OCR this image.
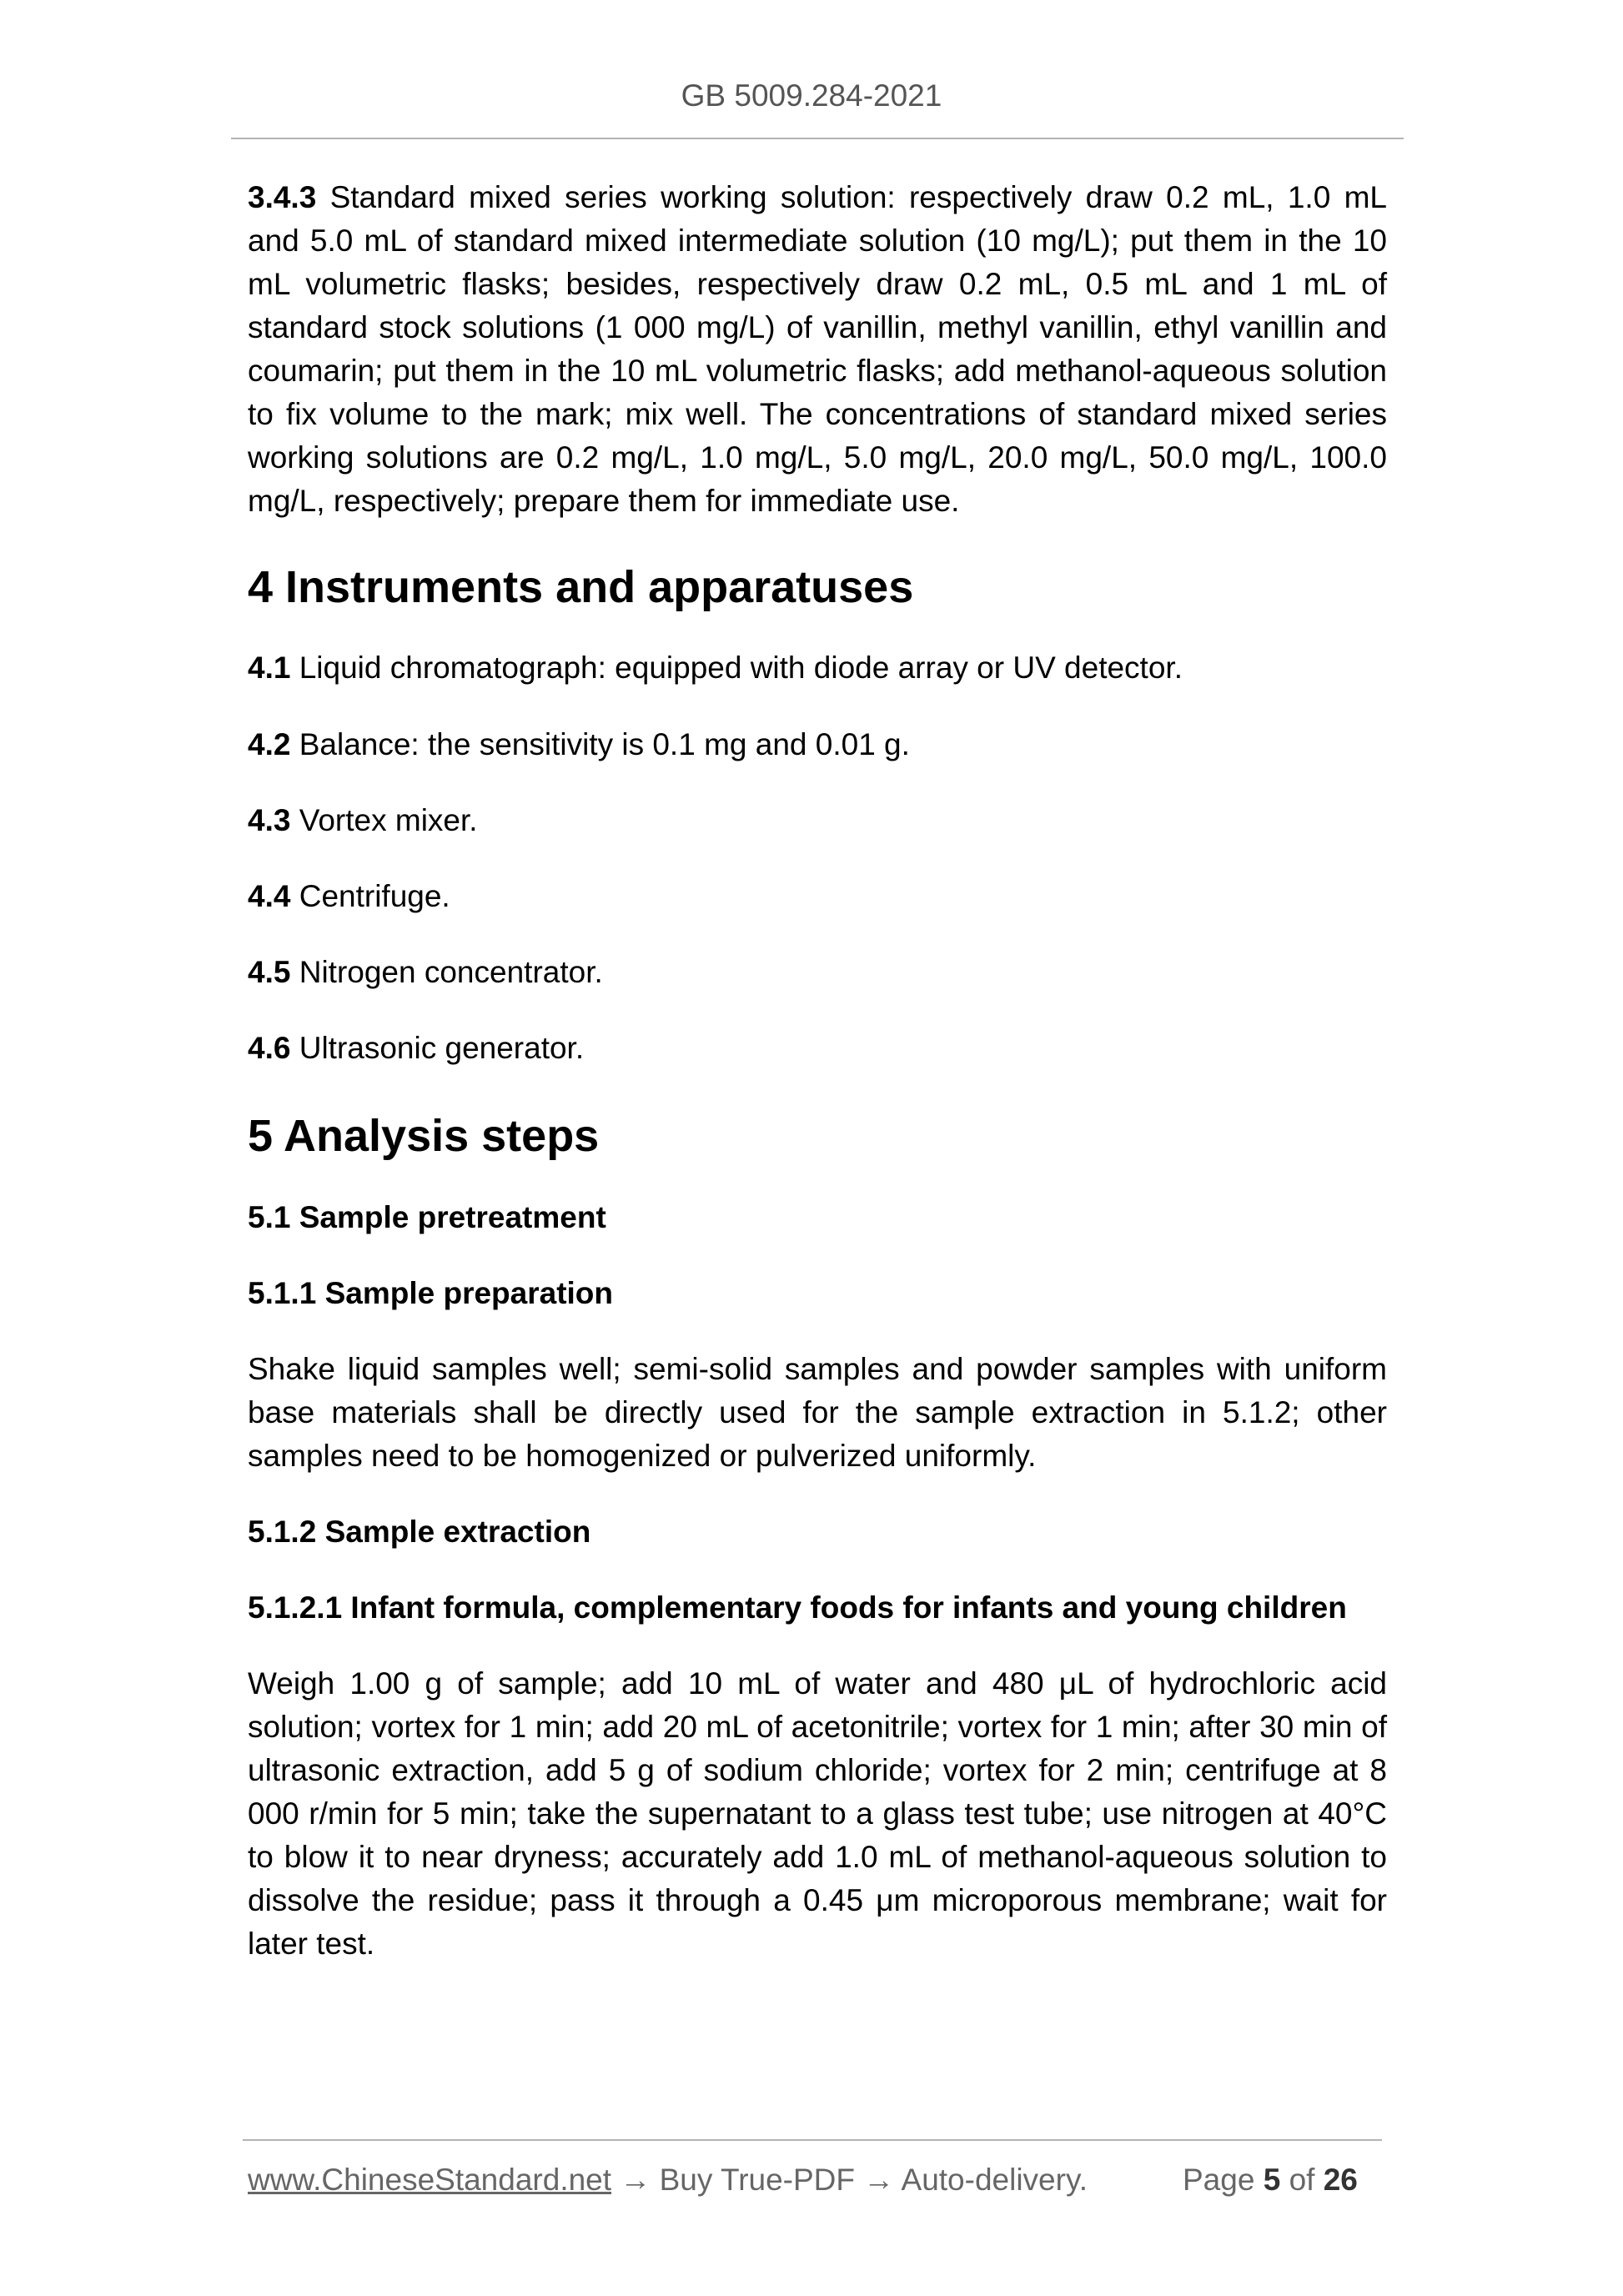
GB 5009.284-2021

3.4.3 Standard mixed series working solution: respectively draw 0.2 mL, 1.0 mL and 5.0 mL of standard mixed intermediate solution (10 mg/L); put them in the 10 mL volumetric flasks; besides, respectively draw 0.2 mL, 0.5 mL and 1 mL of standard stock solutions (1 000 mg/L) of vanillin, methyl vanillin, ethyl vanillin and coumarin; put them in the 10 mL volumetric flasks; add methanol-aqueous solution to fix volume to the mark; mix well. The concentrations of standard mixed series working solutions are 0.2 mg/L, 1.0 mg/L, 5.0 mg/L, 20.0 mg/L, 50.0 mg/L, 100.0 mg/L, respectively; prepare them for immediate use.

4 Instruments and apparatuses

4.1 Liquid chromatograph: equipped with diode array or UV detector.

4.2 Balance: the sensitivity is 0.1 mg and 0.01 g.

4.3 Vortex mixer.

4.4 Centrifuge.

4.5 Nitrogen concentrator.

4.6 Ultrasonic generator.

5 Analysis steps
5.1 Sample pretreatment
5.1.1 Sample preparation

Shake liquid samples well; semi-solid samples and powder samples with uniform base materials shall be directly used for the sample extraction in 5.1.2; other samples need to be homogenized or pulverized uniformly.

5.1.2 Sample extraction
5.1.2.1 Infant formula, complementary foods for infants and young children

Weigh 1.00 g of sample; add 10 mL of water and 480 μL of hydrochloric acid solution; vortex for 1 min; add 20 mL of acetonitrile; vortex for 1 min; after 30 min of ultrasonic extraction, add 5 g of sodium chloride; vortex for 2 min; centrifuge at 8 000 r/min for 5 min; take the supernatant to a glass test tube; use nitrogen at 40°C to blow it to near dryness; accurately add 1.0 mL of methanol-aqueous solution to dissolve the residue; pass it through a 0.45 μm microporous membrane; wait for later test.

www.ChineseStandard.net → Buy True-PDF → Auto-delivery.	Page 5 of 26
